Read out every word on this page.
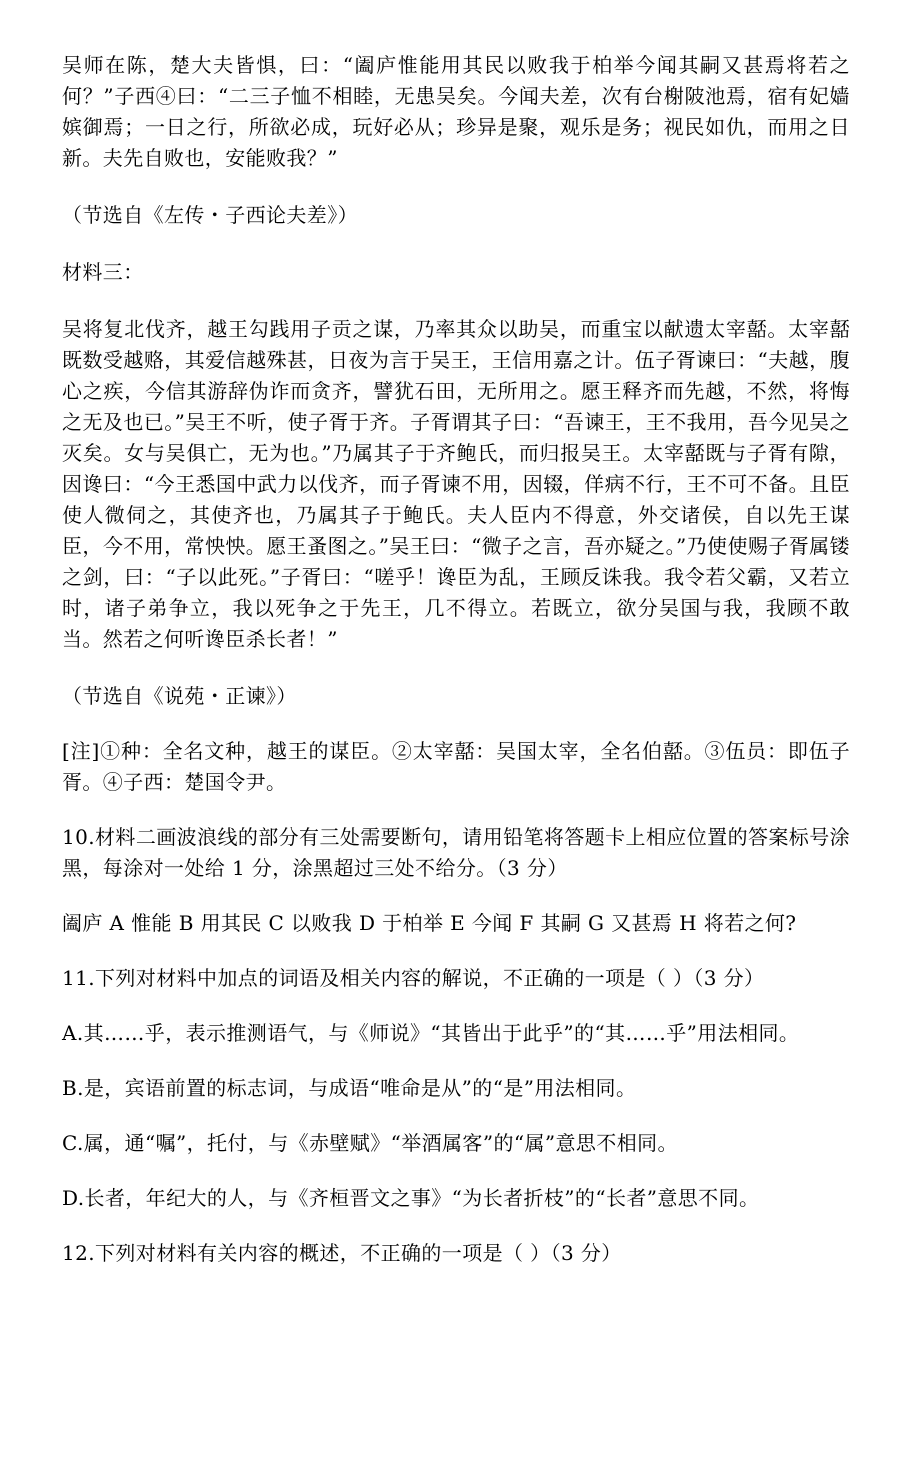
吴师在陈，楚大夫皆惧，曰：“阖庐惟能用其民以败我于柏举今闻其嗣又甚焉将若之何？”子西④曰：“二三子恤不相睦，无患吴矣。今闻夫差，次有台榭陂池焉，宿有妃嫱嫔御焉；一日之行，所欲必成，玩好必从；珍异是聚，观乐是务；视民如仇，而用之日新。夫先自败也，安能败我？”

（节选自《左传・子西论夫差》）

材料三：

吴将复北伐齐，越王勾践用子贡之谋，乃率其众以助吴，而重宝以献遗太宰嚭。太宰嚭既数受越赂，其爱信越殊甚，日夜为言于吴王，王信用嘉之计。伍子胥谏曰：“夫越，腹心之疾，今信其游辞伪诈而贪齐，譬犹石田，无所用之。愿王释齐而先越，不然，将悔之无及也已。”吴王不听，使子胥于齐。子胥谓其子曰：“吾谏王，王不我用，吾今见吴之灭矣。女与吴俱亡，无为也。”乃属其子于齐鲍氏，而归报吴王。太宰嚭既与子胥有隙，因谗曰：“今王悉国中武力以伐齐，而子胥谏不用，因辍，佯病不行，王不可不备。且臣使人微伺之，其使齐也，乃属其子于鲍氏。夫人臣内不得意，外交诸侯，自以先王谋臣，今不用，常怏怏。愿王蚤图之。”吴王曰：“微子之言，吾亦疑之。”乃使使赐子胥属镂之剑，曰：“子以此死。”子胥曰：“嗟乎！谗臣为乱，王顾反诛我。我令若父霸，又若立时，诸子弟争立，我以死争之于先王，几不得立。若既立，欲分吴国与我，我顾不敢当。然若之何听谗臣杀长者！”

（节选自《说苑・正谏》）

[注]①种：全名文种，越王的谋臣。②太宰嚭：吴国太宰，全名伯嚭。③伍员：即伍子胥。④子西：楚国令尹。

10.材料二画波浪线的部分有三处需要断句，请用铅笔将答题卡上相应位置的答案标号涂黑，每涂对一处给 1 分，涂黑超过三处不给分。（3 分）

阖庐 A 惟能 B 用其民 C 以败我 D 于柏举 E 今闻 F 其嗣 G 又甚焉 H 将若之何?

11.下列对材料中加点的词语及相关内容的解说，不正确的一项是（ ）（3 分）

A.其……乎，表示推测语气，与《师说》“其皆出于此乎”的“其……乎”用法相同。

B.是，宾语前置的标志词，与成语“唯命是从”的“是”用法相同。

C.属，通“嘱”，托付，与《赤壁赋》“举酒属客”的“属”意思不相同。

D.长者，年纪大的人，与《齐桓晋文之事》“为长者折枝”的“长者”意思不同。

12.下列对材料有关内容的概述，不正确的一项是（ ）（3 分）
